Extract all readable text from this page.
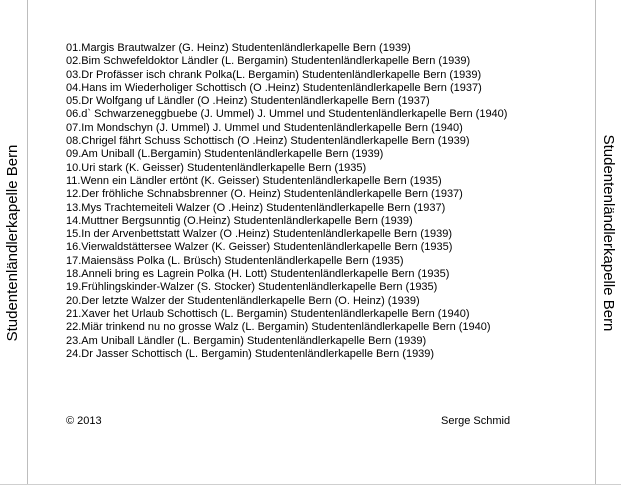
Studentenländlerkapelle Bern	Studentenländlerkapelle Bern
01.Margis Brautwalzer (G. Heinz) Studentenländlerkapelle Bern (1939)
02.Bim Schwefeldoktor Ländler (L. Bergamin) Studentenländlerkapelle Bern (1939)
03.Dr Profässer isch chrank Polka(L. Bergamin) Studentenländlerkapelle Bern (1939)
04.Hans im Wiederholiger Schottisch (O .Heinz) Studentenländlerkapelle Bern (1937)
05.Dr Wolfgang uf Ländler (O .Heinz) Studentenländlerkapelle Bern (1937)
06.d` Schwarzeneggbuebe (J. Ummel) J. Ummel und Studentenländlerkapelle Bern (1940)
07.Im Mondschyn (J. Ummel) J. Ummel und Studentenländlerkapelle Bern (1940)
08.Chrigel fährt Schuss Schottisch (O .Heinz) Studentenländlerkapelle Bern (1939)
09.Am Uniball (L.Bergamin) Studentenländlerkapelle Bern (1939)
10.Uri stark (K. Geisser) Studentenländlerkapelle Bern (1935)
11.Wenn ein Ländler ertönt (K. Geisser) Studentenländlerkapelle Bern (1935)
12.Der fröhliche Schnabsbrenner (O. Heinz) Studentenländlerkapelle Bern (1937)
13.Mys Trachtemeiteli Walzer (O .Heinz) Studentenländlerkapelle Bern (1937)
14.Muttner Bergsunntig (O.Heinz) Studentenländlerkapelle Bern (1939)
15.In der Arvenbettstatt Walzer (O .Heinz) Studentenländlerkapelle Bern (1939)
16.Vierwaldstättersee Walzer (K. Geisser) Studentenländlerkapelle Bern (1935)
17.Maiensäss Polka (L. Brüsch) Studentenländlerkapelle Bern (1935)
18.Anneli bring es Lagrein Polka (H. Lott) Studentenländlerkapelle Bern (1935)
19.Frühlingskinder-Walzer (S. Stocker) Studentenländlerkapelle Bern (1935)
20.Der letzte Walzer der Studentenländlerkapelle Bern (O. Heinz) (1939)
21.Xaver het Urlaub Schottisch (L. Bergamin) Studentenländlerkapelle Bern (1940)
22.Miär trinkend nu no grosse Walz (L. Bergamin) Studentenländlerkapelle Bern (1940)
23.Am Uniball Ländler (L. Bergamin) Studentenländlerkapelle Bern (1939)
24.Dr Jasser Schottisch (L. Bergamin) Studentenländlerkapelle Bern (1939)
© 2013	Serge Schmid
